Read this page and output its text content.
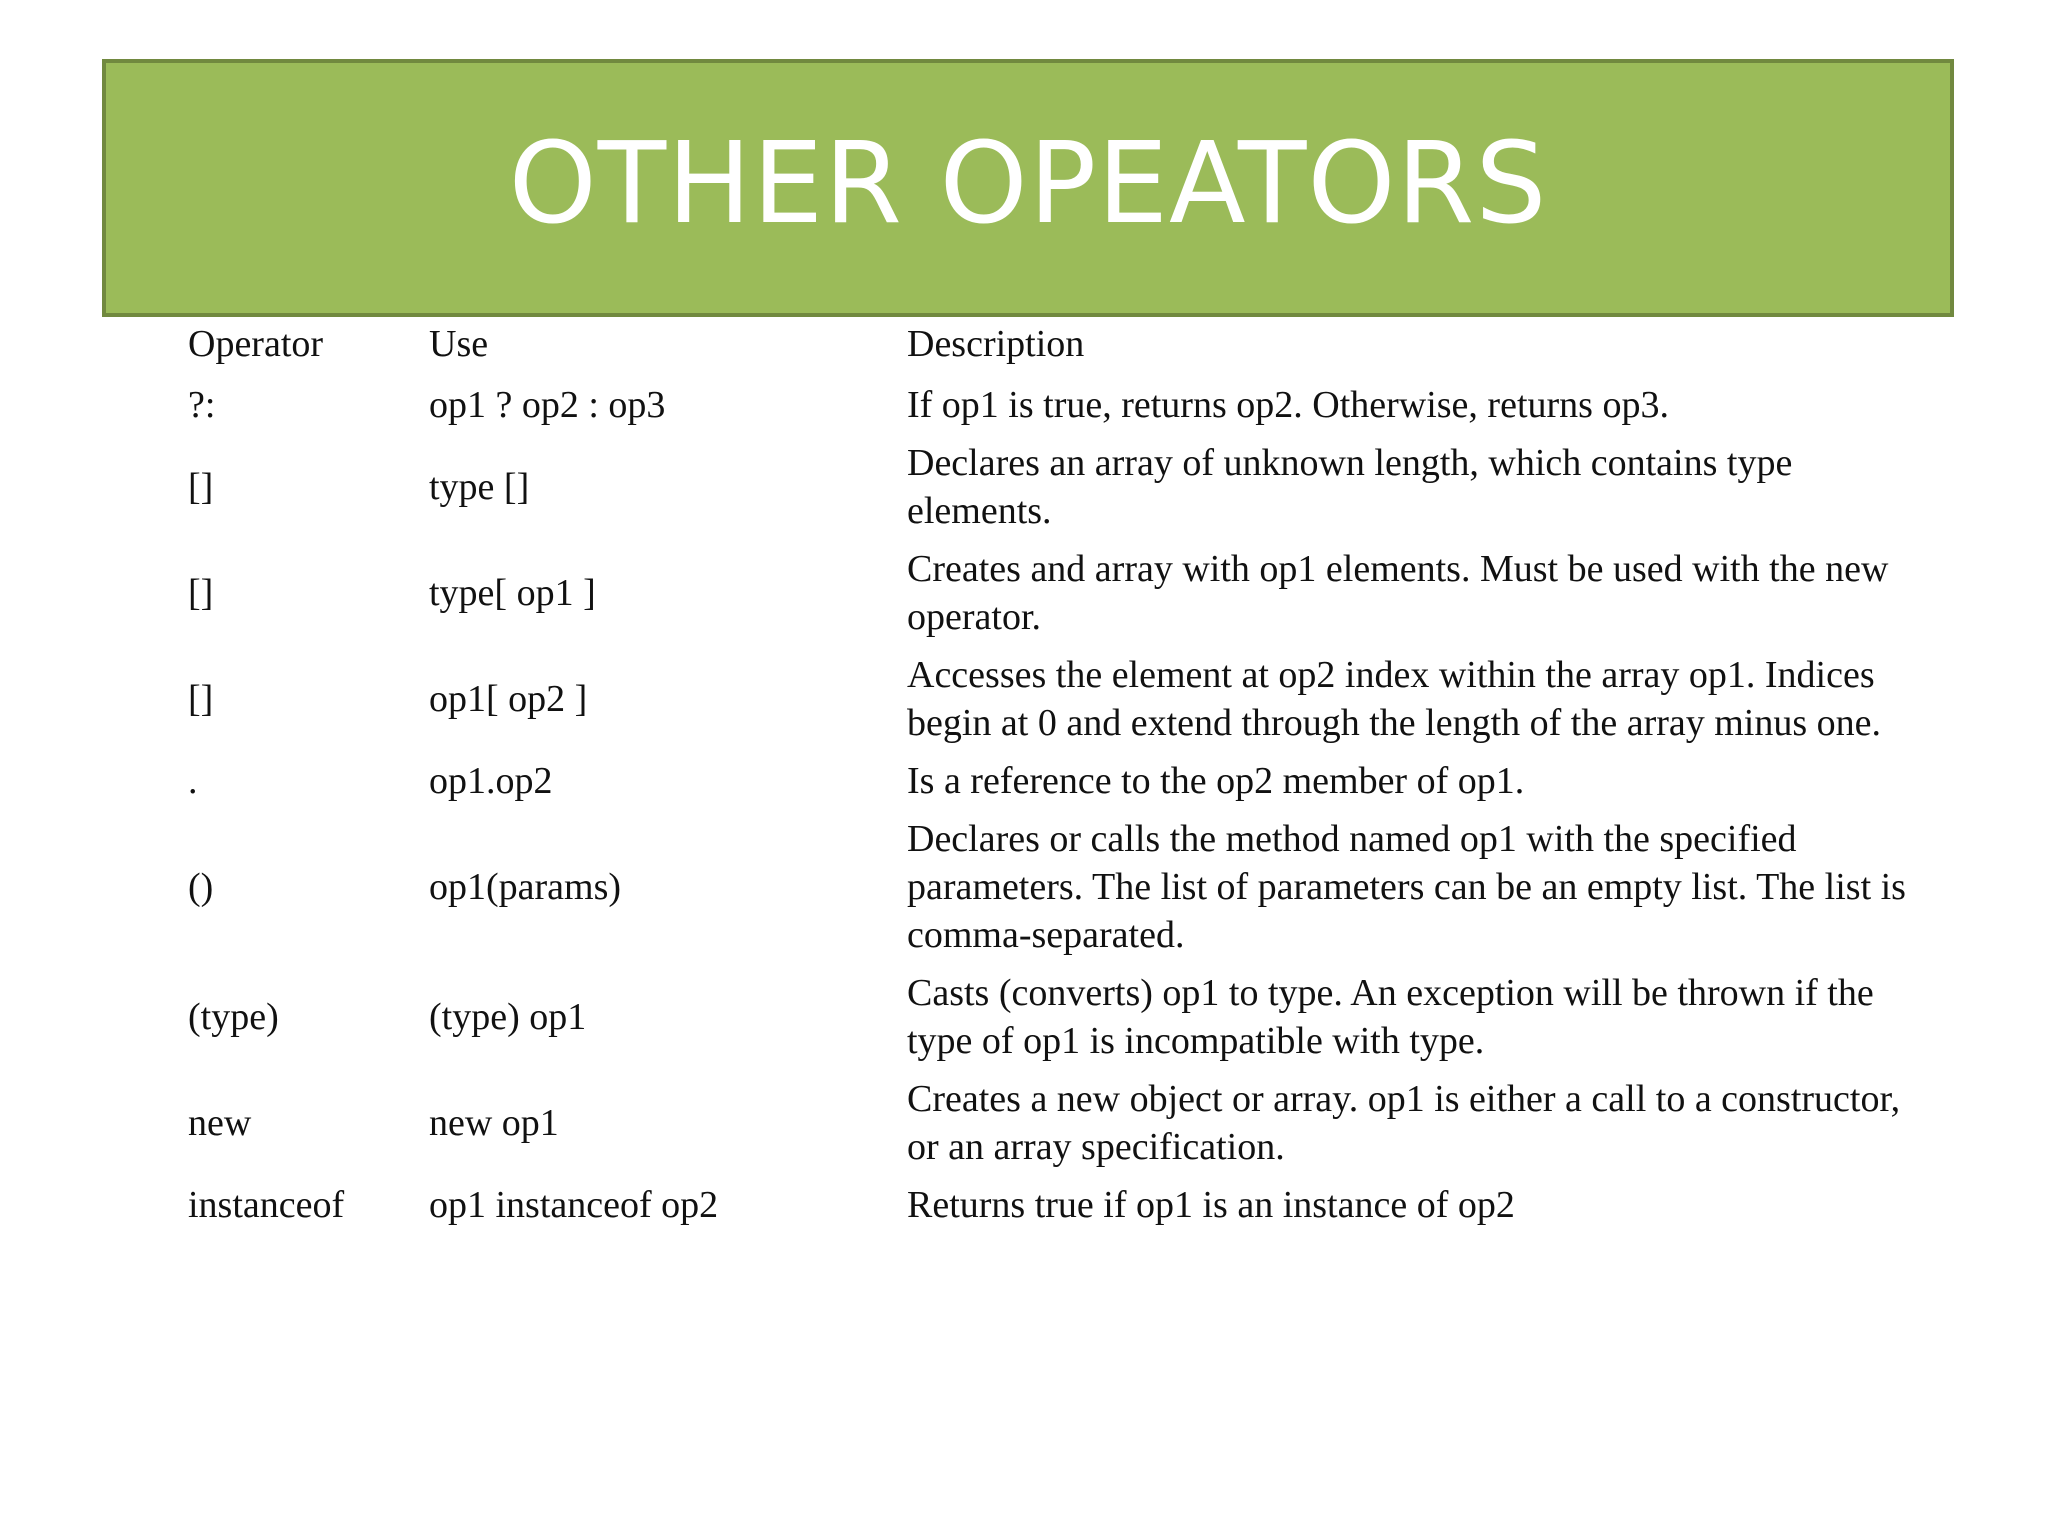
OTHER OPEATORS
Operator	Use	Description
?:	op1 ? op2 : op3	If op1 is true, returns op2. Otherwise, returns op3.
[]	type []	Declares an array of unknown length, which contains type elements.
[]	type[ op1 ]	Creates and array with op1 elements. Must be used with the new operator.
[]	op1[ op2 ]	Accesses the element at op2 index within the array op1. Indices begin at 0 and extend through the length of the array minus one.
.	op1.op2	Is a reference to the op2 member of op1.
()	op1(params)	Declares or calls the method named op1 with the specified parameters. The list of parameters can be an empty list. The list is comma-separated.
(type)	(type) op1	Casts (converts) op1 to type. An exception will be thrown if the type of op1 is incompatible with type.
new	new op1	Creates a new object or array. op1 is either a call to a constructor, or an array specification.
instanceof	op1 instanceof op2	Returns true if op1 is an instance of op2
